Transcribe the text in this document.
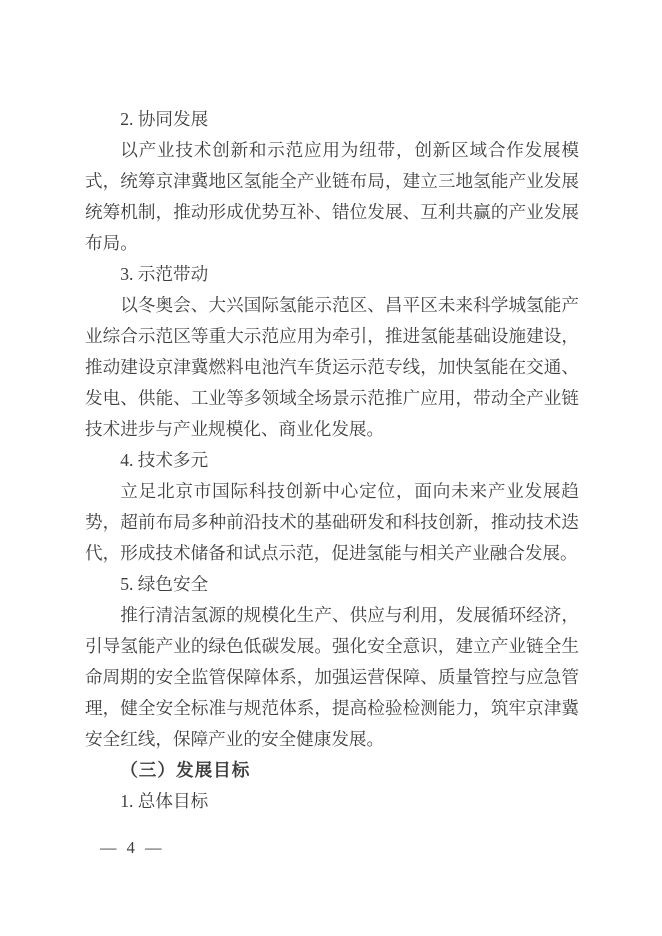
2. 协同发展

以产业技术创新和示范应用为纽带，创新区域合作发展模式，统筹京津冀地区氢能全产业链布局，建立三地氢能产业发展统筹机制，推动形成优势互补、错位发展、互利共赢的产业发展布局。

3. 示范带动

以冬奥会、大兴国际氢能示范区、昌平区未来科学城氢能产业综合示范区等重大示范应用为牵引，推进氢能基础设施建设，推动建设京津冀燃料电池汽车货运示范专线，加快氢能在交通、发电、供能、工业等多领域全场景示范推广应用，带动全产业链技术进步与产业规模化、商业化发展。

4. 技术多元

立足北京市国际科技创新中心定位，面向未来产业发展趋势，超前布局多种前沿技术的基础研发和科技创新，推动技术迭代，形成技术储备和试点示范，促进氢能与相关产业融合发展。

5. 绿色安全

推行清洁氢源的规模化生产、供应与利用，发展循环经济，引导氢能产业的绿色低碳发展。强化安全意识，建立产业链全生命周期的安全监管保障体系，加强运营保障、质量管控与应急管理，健全安全标准与规范体系，提高检验检测能力，筑牢京津冀安全红线，保障产业的安全健康发展。

（三）发展目标
1. 总体目标
— 4 —
